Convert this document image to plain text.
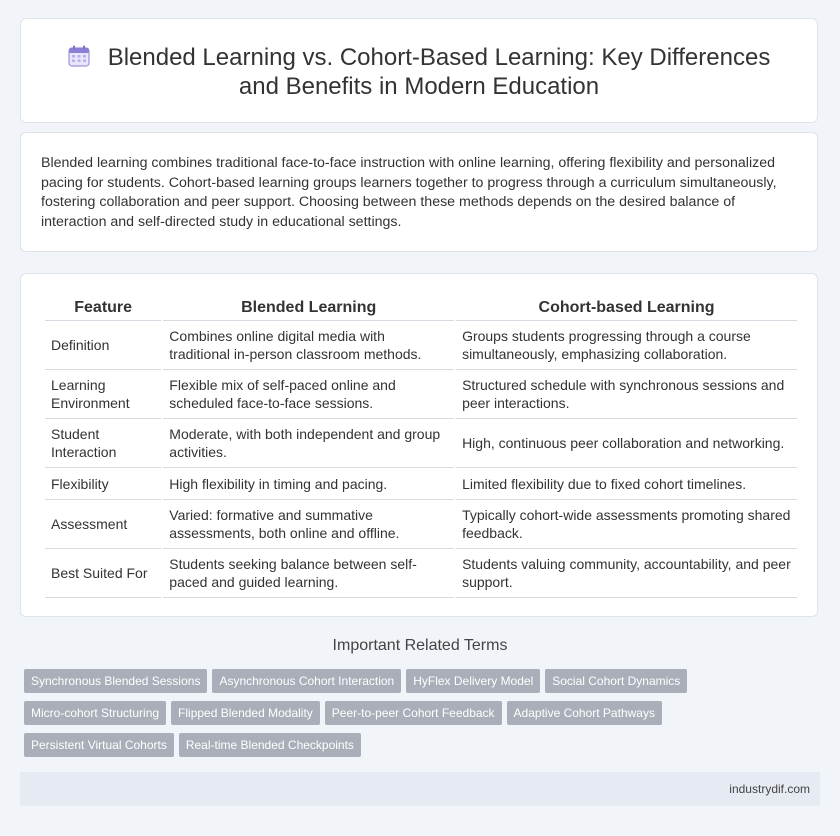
Blended Learning vs. Cohort-Based Learning: Key Differences and Benefits in Modern Education
Blended learning combines traditional face-to-face instruction with online learning, offering flexibility and personalized pacing for students. Cohort-based learning groups learners together to progress through a curriculum simultaneously, fostering collaboration and peer support. Choosing between these methods depends on the desired balance of interaction and self-directed study in educational settings.
Feature	Blended Learning	Cohort-based Learning
Definition	Combines online digital media with traditional in-person classroom methods.	Groups students progressing through a course simultaneously, emphasizing collaboration.
Learning Environment	Flexible mix of self-paced online and scheduled face-to-face sessions.	Structured schedule with synchronous sessions and peer interactions.
Student Interaction	Moderate, with both independent and group activities.	High, continuous peer collaboration and networking.
Flexibility	High flexibility in timing and pacing.	Limited flexibility due to fixed cohort timelines.
Assessment	Varied: formative and summative assessments, both online and offline.	Typically cohort-wide assessments promoting shared feedback.
Best Suited For	Students seeking balance between self-paced and guided learning.	Students valuing community, accountability, and peer support.
Important Related Terms
Synchronous Blended Sessions Asynchronous Cohort Interaction HyFlex Delivery Model Social Cohort Dynamics
Micro-cohort Structuring Flipped Blended Modality Peer-to-peer Cohort Feedback Adaptive Cohort Pathways
Persistent Virtual Cohorts Real-time Blended Checkpoints
industrydif.com
